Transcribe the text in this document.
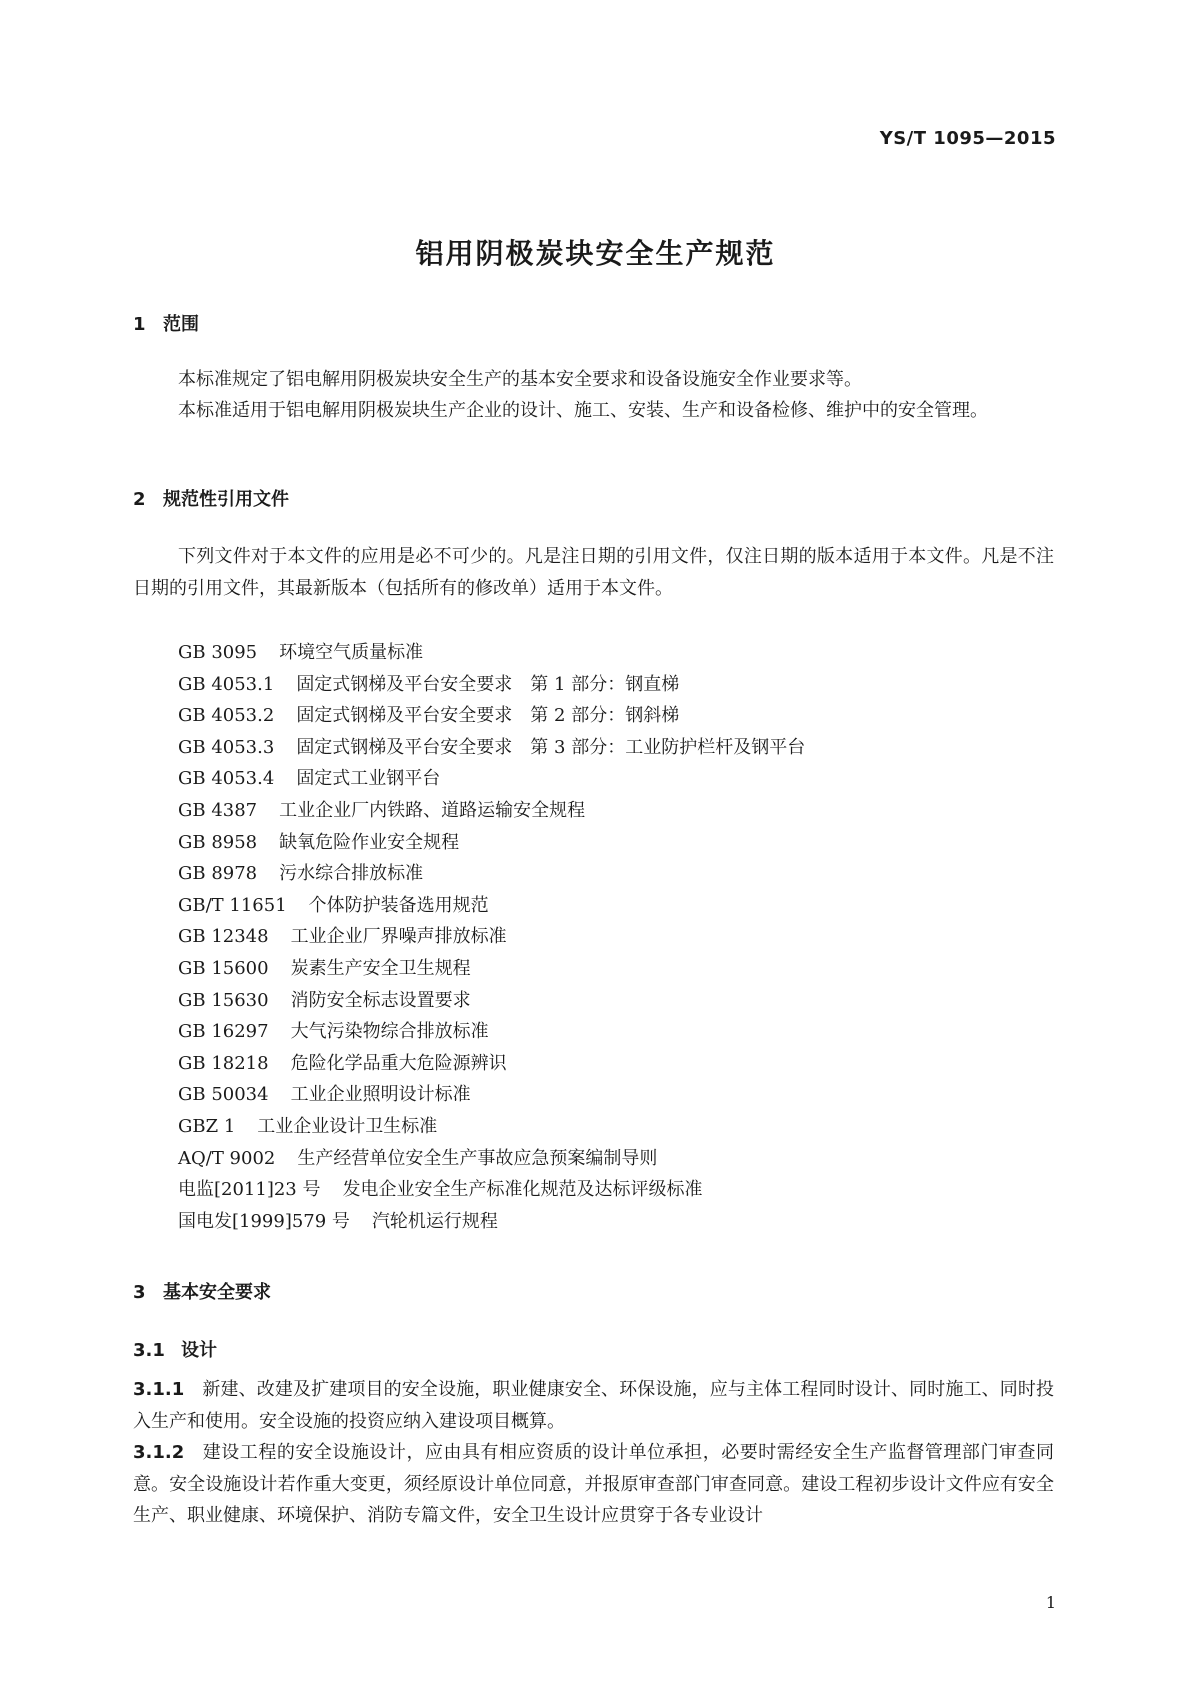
YS/T 1095—2015
铝用阴极炭块安全生产规范
1 范围
本标准规定了铝电解用阴极炭块安全生产的基本安全要求和设备设施安全作业要求等。
本标准适用于铝电解用阴极炭块生产企业的设计、施工、安装、生产和设备检修、维护中的安全管理。
2 规范性引用文件
下列文件对于本文件的应用是必不可少的。凡是注日期的引用文件，仅注日期的版本适用于本文件。凡是不注日期的引用文件，其最新版本（包括所有的修改单）适用于本文件。
GB 3095 环境空气质量标准
GB 4053.1 固定式钢梯及平台安全要求　第 1 部分：钢直梯
GB 4053.2 固定式钢梯及平台安全要求　第 2 部分：钢斜梯
GB 4053.3 固定式钢梯及平台安全要求　第 3 部分：工业防护栏杆及钢平台
GB 4053.4 固定式工业钢平台
GB 4387 工业企业厂内铁路、道路运输安全规程
GB 8958 缺氧危险作业安全规程
GB 8978 污水综合排放标准
GB/T 11651 个体防护装备选用规范
GB 12348 工业企业厂界噪声排放标准
GB 15600 炭素生产安全卫生规程
GB 15630 消防安全标志设置要求
GB 16297 大气污染物综合排放标准
GB 18218 危险化学品重大危险源辨识
GB 50034 工业企业照明设计标准
GBZ 1 工业企业设计卫生标准
AQ/T 9002 生产经营单位安全生产事故应急预案编制导则
电监[2011]23 号 发电企业安全生产标准化规范及达标评级标准
国电发[1999]579 号 汽轮机运行规程
3 基本安全要求
3.1 设计
3.1.1 新建、改建及扩建项目的安全设施，职业健康安全、环保设施，应与主体工程同时设计、同时施工、同时投入生产和使用。安全设施的投资应纳入建设项目概算。
3.1.2 建设工程的安全设施设计，应由具有相应资质的设计单位承担，必要时需经安全生产监督管理部门审查同意。安全设施设计若作重大变更，须经原设计单位同意，并报原审查部门审查同意。建设工程初步设计文件应有安全生产、职业健康、环境保护、消防专篇文件，安全卫生设计应贯穿于各专业设计
1
